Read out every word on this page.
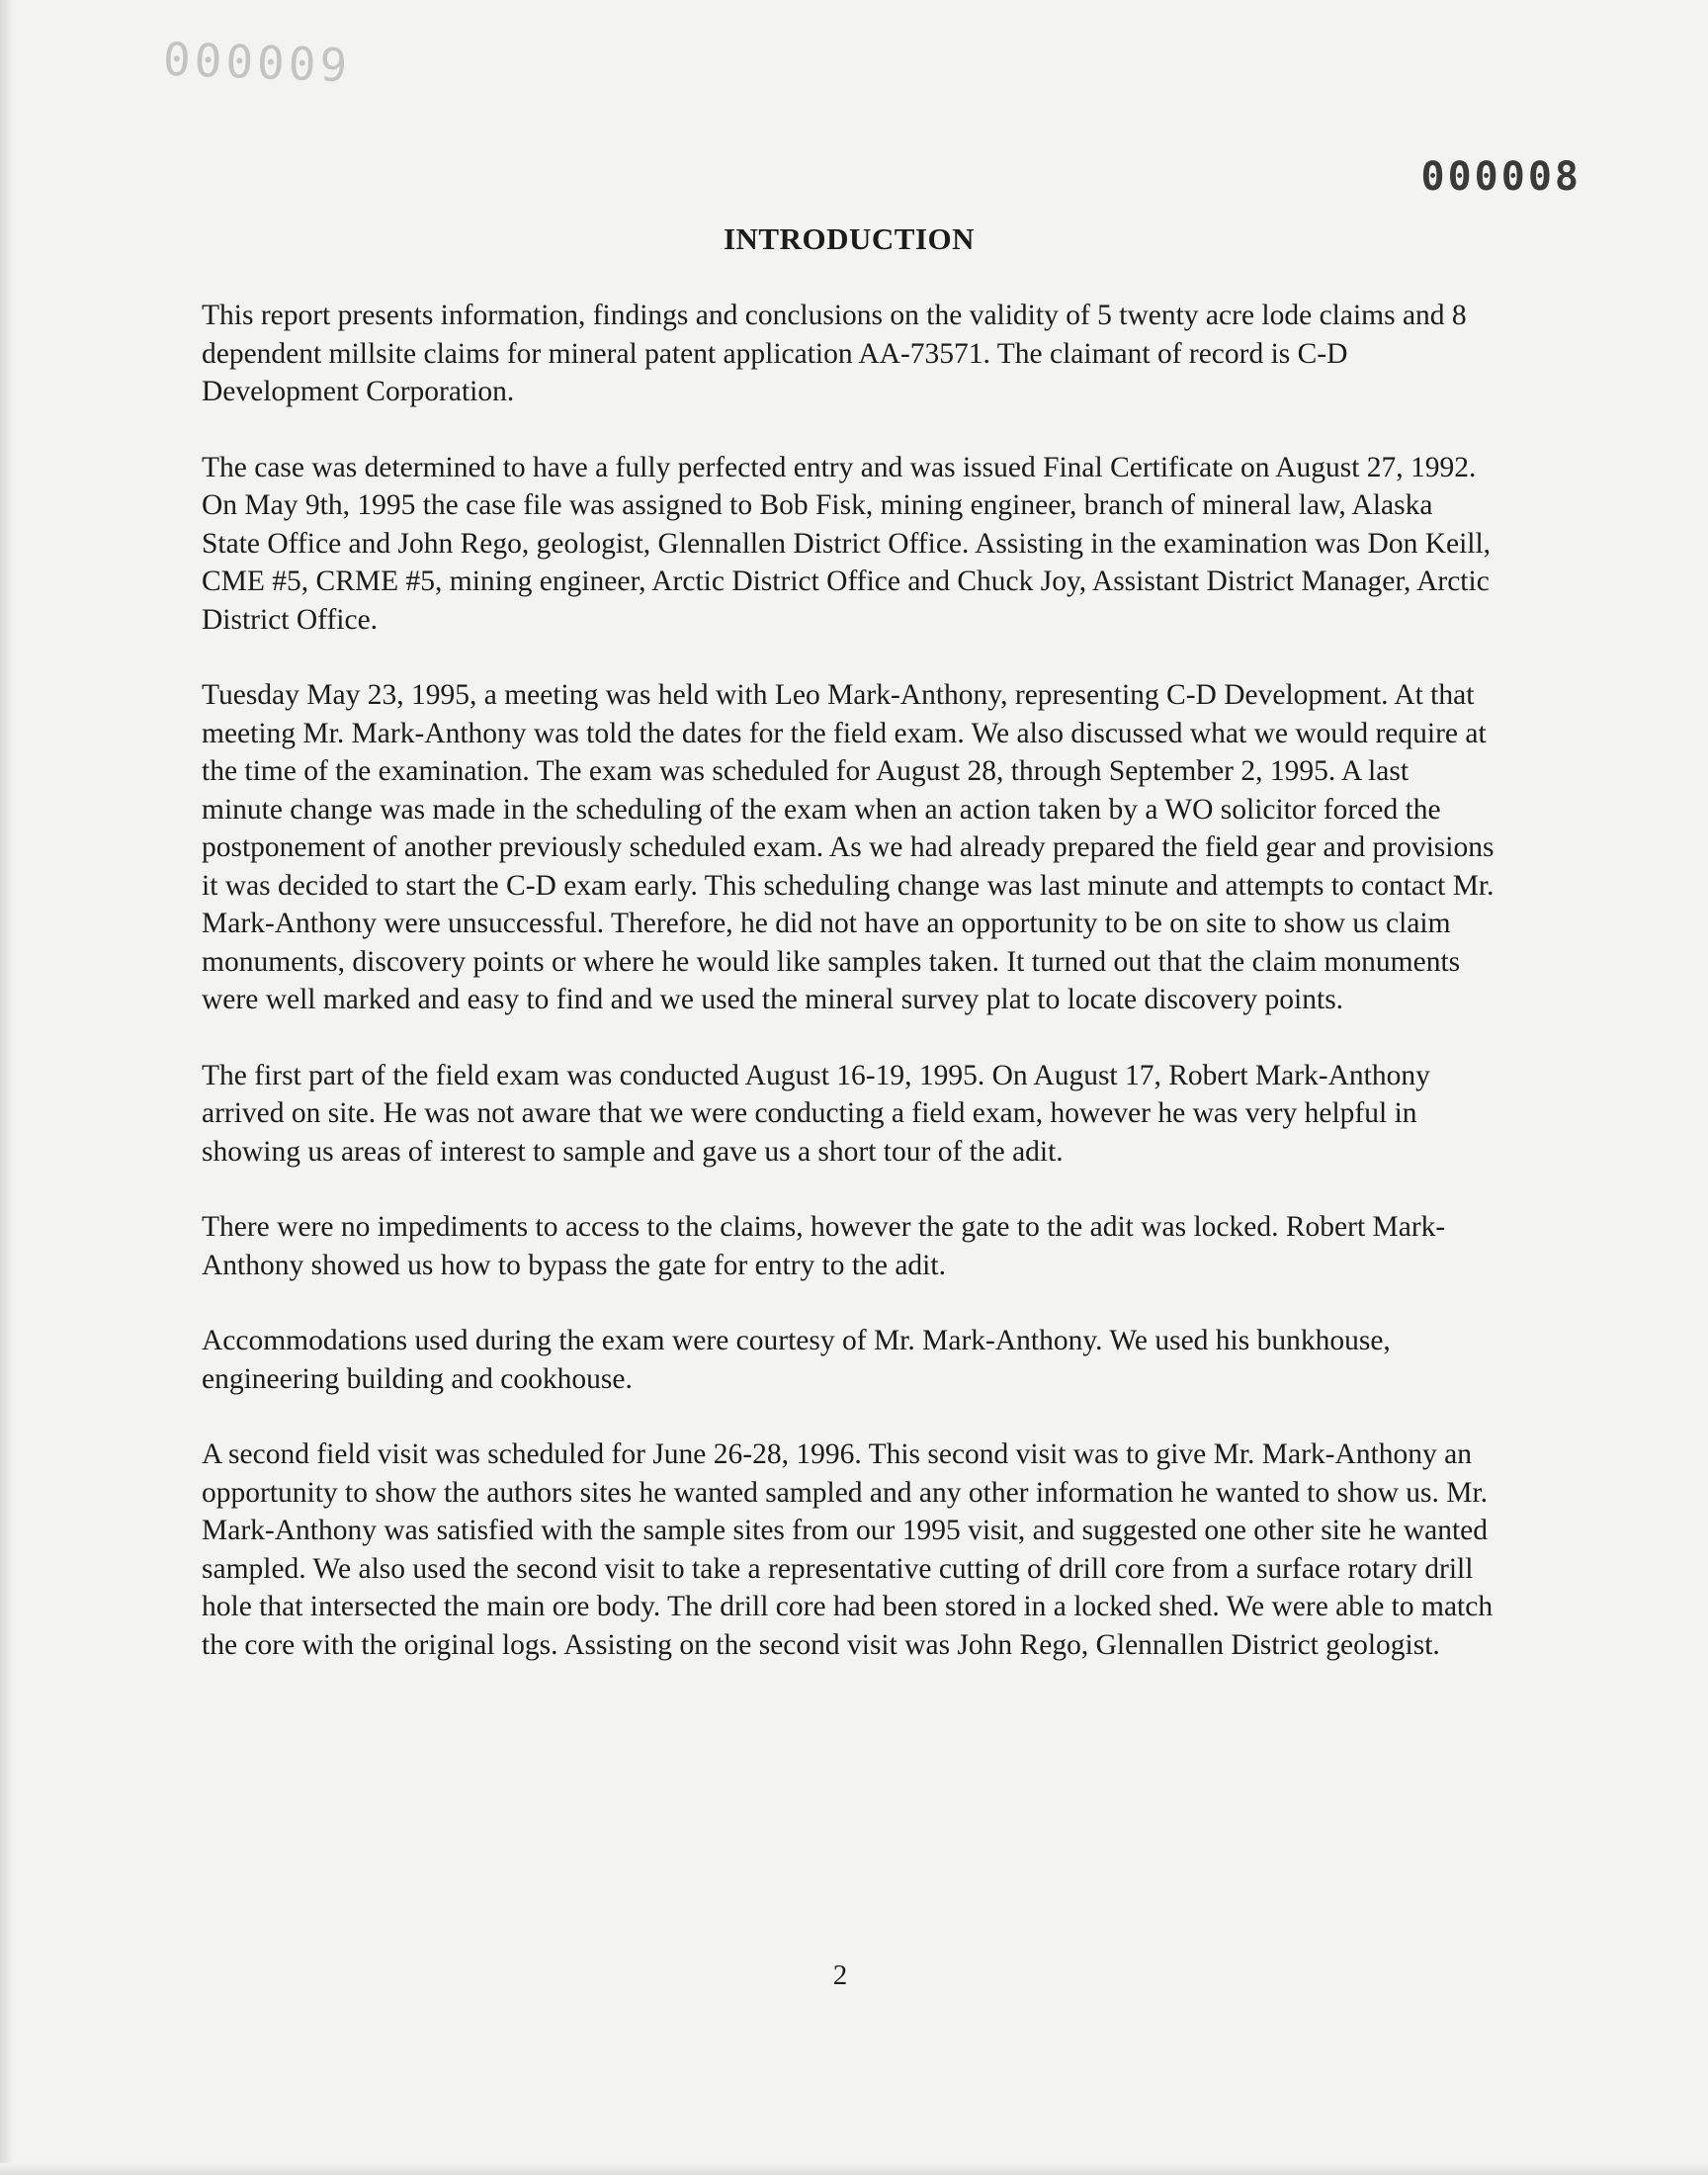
000009
000008
INTRODUCTION

This report presents information, findings and conclusions on the validity of 5 twenty acre lode claims and 8 dependent millsite claims for mineral patent application AA-73571. The claimant of record is C-D Development Corporation.

The case was determined to have a fully perfected entry and was issued Final Certificate on August 27, 1992. On May 9th, 1995 the case file was assigned to Bob Fisk, mining engineer, branch of mineral law, Alaska State Office and John Rego, geologist, Glennallen District Office. Assisting in the examination was Don Keill, CME #5, CRME #5, mining engineer, Arctic District Office and Chuck Joy, Assistant District Manager, Arctic District Office.

Tuesday May 23, 1995, a meeting was held with Leo Mark-Anthony, representing C-D Development. At that meeting Mr. Mark-Anthony was told the dates for the field exam. We also discussed what we would require at the time of the examination. The exam was scheduled for August 28, through September 2, 1995. A last minute change was made in the scheduling of the exam when an action taken by a WO solicitor forced the postponement of another previously scheduled exam. As we had already prepared the field gear and provisions it was decided to start the C-D exam early. This scheduling change was last minute and attempts to contact Mr. Mark-Anthony were unsuccessful. Therefore, he did not have an opportunity to be on site to show us claim monuments, discovery points or where he would like samples taken. It turned out that the claim monuments were well marked and easy to find and we used the mineral survey plat to locate discovery points.

The first part of the field exam was conducted August 16-19, 1995. On August 17, Robert Mark-Anthony arrived on site. He was not aware that we were conducting a field exam, however he was very helpful in showing us areas of interest to sample and gave us a short tour of the adit.

There were no impediments to access to the claims, however the gate to the adit was locked. Robert Mark-Anthony showed us how to bypass the gate for entry to the adit.

Accommodations used during the exam were courtesy of Mr. Mark-Anthony. We used his bunkhouse, engineering building and cookhouse.

A second field visit was scheduled for June 26-28, 1996. This second visit was to give Mr. Mark-Anthony an opportunity to show the authors sites he wanted sampled and any other information he wanted to show us. Mr. Mark-Anthony was satisfied with the sample sites from our 1995 visit, and suggested one other site he wanted sampled. We also used the second visit to take a representative cutting of drill core from a surface rotary drill hole that intersected the main ore body. The drill core had been stored in a locked shed. We were able to match the core with the original logs. Assisting on the second visit was John Rego, Glennallen District geologist.

2
